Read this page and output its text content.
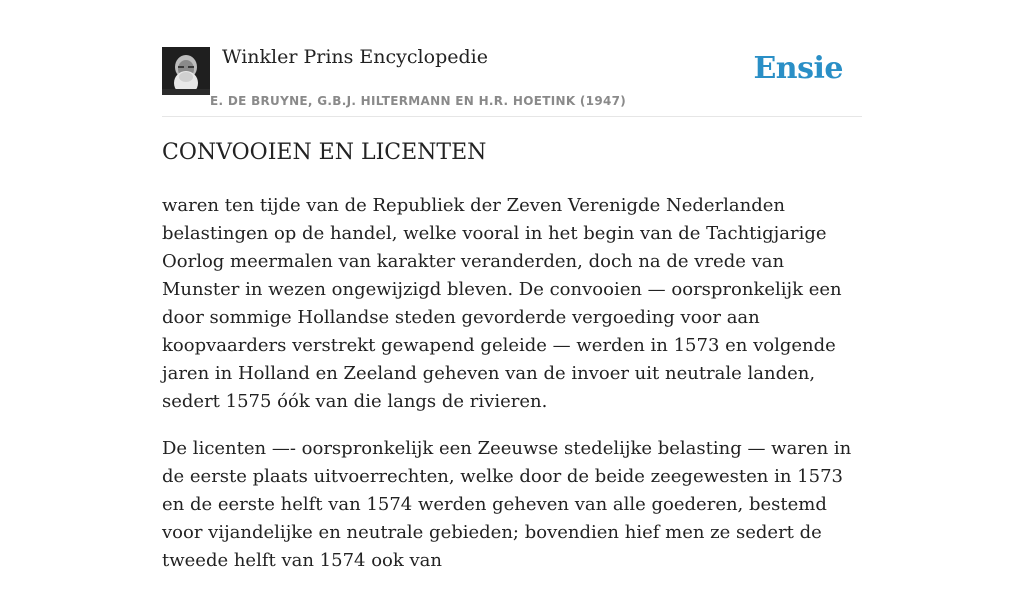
Winkler Prins Encyclopedie
E. DE BRUYNE, G.B.J. HILTERMANN EN H.R. HOETINK (1947)
Ensie
CONVOOIEN EN LICENTEN

waren ten tijde van de Republiek der Zeven Verenigde Nederlanden belastingen op de handel, welke vooral in het begin van de Tachtigjarige Oorlog meermalen van karakter veranderden, doch na de vrede van Munster in wezen ongewijzigd bleven. De convooien — oorspronkelijk een door sommige Hollandse steden gevorderde vergoeding voor aan koopvaarders verstrekt gewapend geleide — werden in 1573 en volgende jaren in Holland en Zeeland geheven van de invoer uit neutrale landen, sedert 1575 óók van die langs de rivieren.

De licenten —- oorspronkelijk een Zeeuwse stedelijke belasting — waren in de eerste plaats uitvoerrechten, welke door de beide zeegewesten in 1573 en de eerste helft van 1574 werden geheven van alle goederen, bestemd voor vijandelijke en neutrale gebieden; bovendien hief men ze sedert de tweede helft van 1574 ook van
